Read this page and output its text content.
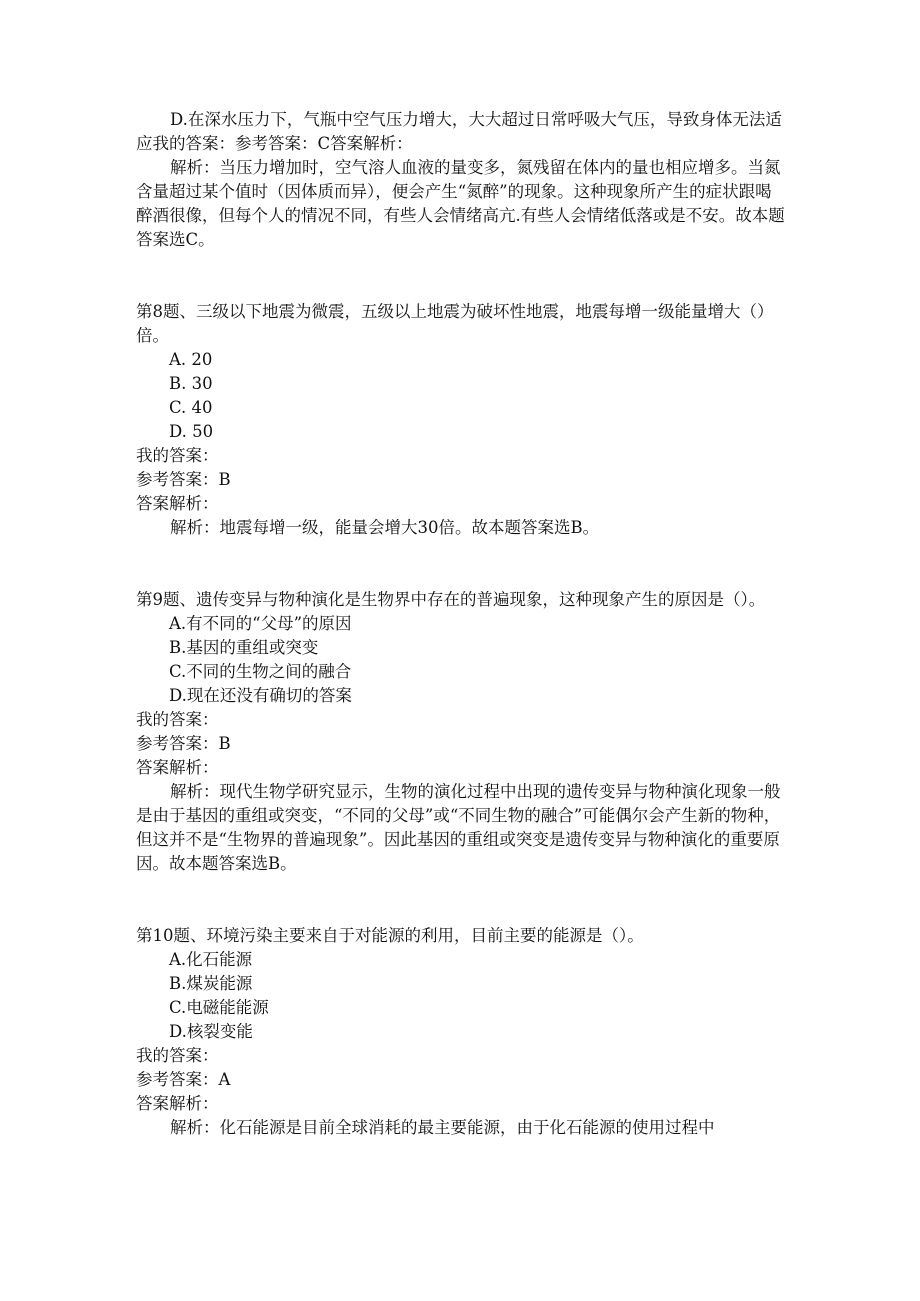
D.在深水压力下，气瓶中空气压力增大，大大超过日常呼吸大气压，导致身体无法适应我的答案：参考答案：C答案解析：

解析：当压力增加时，空气溶人血液的量变多，氮残留在体内的量也相应增多。当氮含量超过某个值时（因体质而异），便会产生“氮醉”的现象。这种现象所产生的症状跟喝醉酒很像，但每个人的情况不同，有些人会情绪高亢.有些人会情绪低落或是不安。故本题答案选C。

第8题、三级以下地震为微震，五级以上地震为破坏性地震，地震每增一级能量增大（）倍。

A. 20

B. 30

C. 40

D. 50

我的答案：

参考答案：B

答案解析：

解析：地震每增一级，能量会增大30倍。故本题答案选B。

第9题、遗传变异与物种演化是生物界中存在的普遍现象，这种现象产生的原因是（）。

A.有不同的“父母”的原因

B.基因的重组或突变

C.不同的生物之间的融合

D.现在还没有确切的答案

我的答案：

参考答案：B

答案解析：

解析：现代生物学研究显示，生物的演化过程中出现的遗传变异与物种演化现象一般是由于基因的重组或突变，“不同的父母”或“不同生物的融合”可能偶尔会产生新的物种，但这并不是“生物界的普遍现象”。因此基因的重组或突变是遗传变异与物种演化的重要原因。故本题答案选B。

第10题、环境污染主要来自于对能源的利用，目前主要的能源是（）。

A.化石能源

B.煤炭能源

C.电磁能能源

D.核裂变能

我的答案：

参考答案：A

答案解析：

解析：化石能源是目前全球消耗的最主要能源，由于化石能源的使用过程中
